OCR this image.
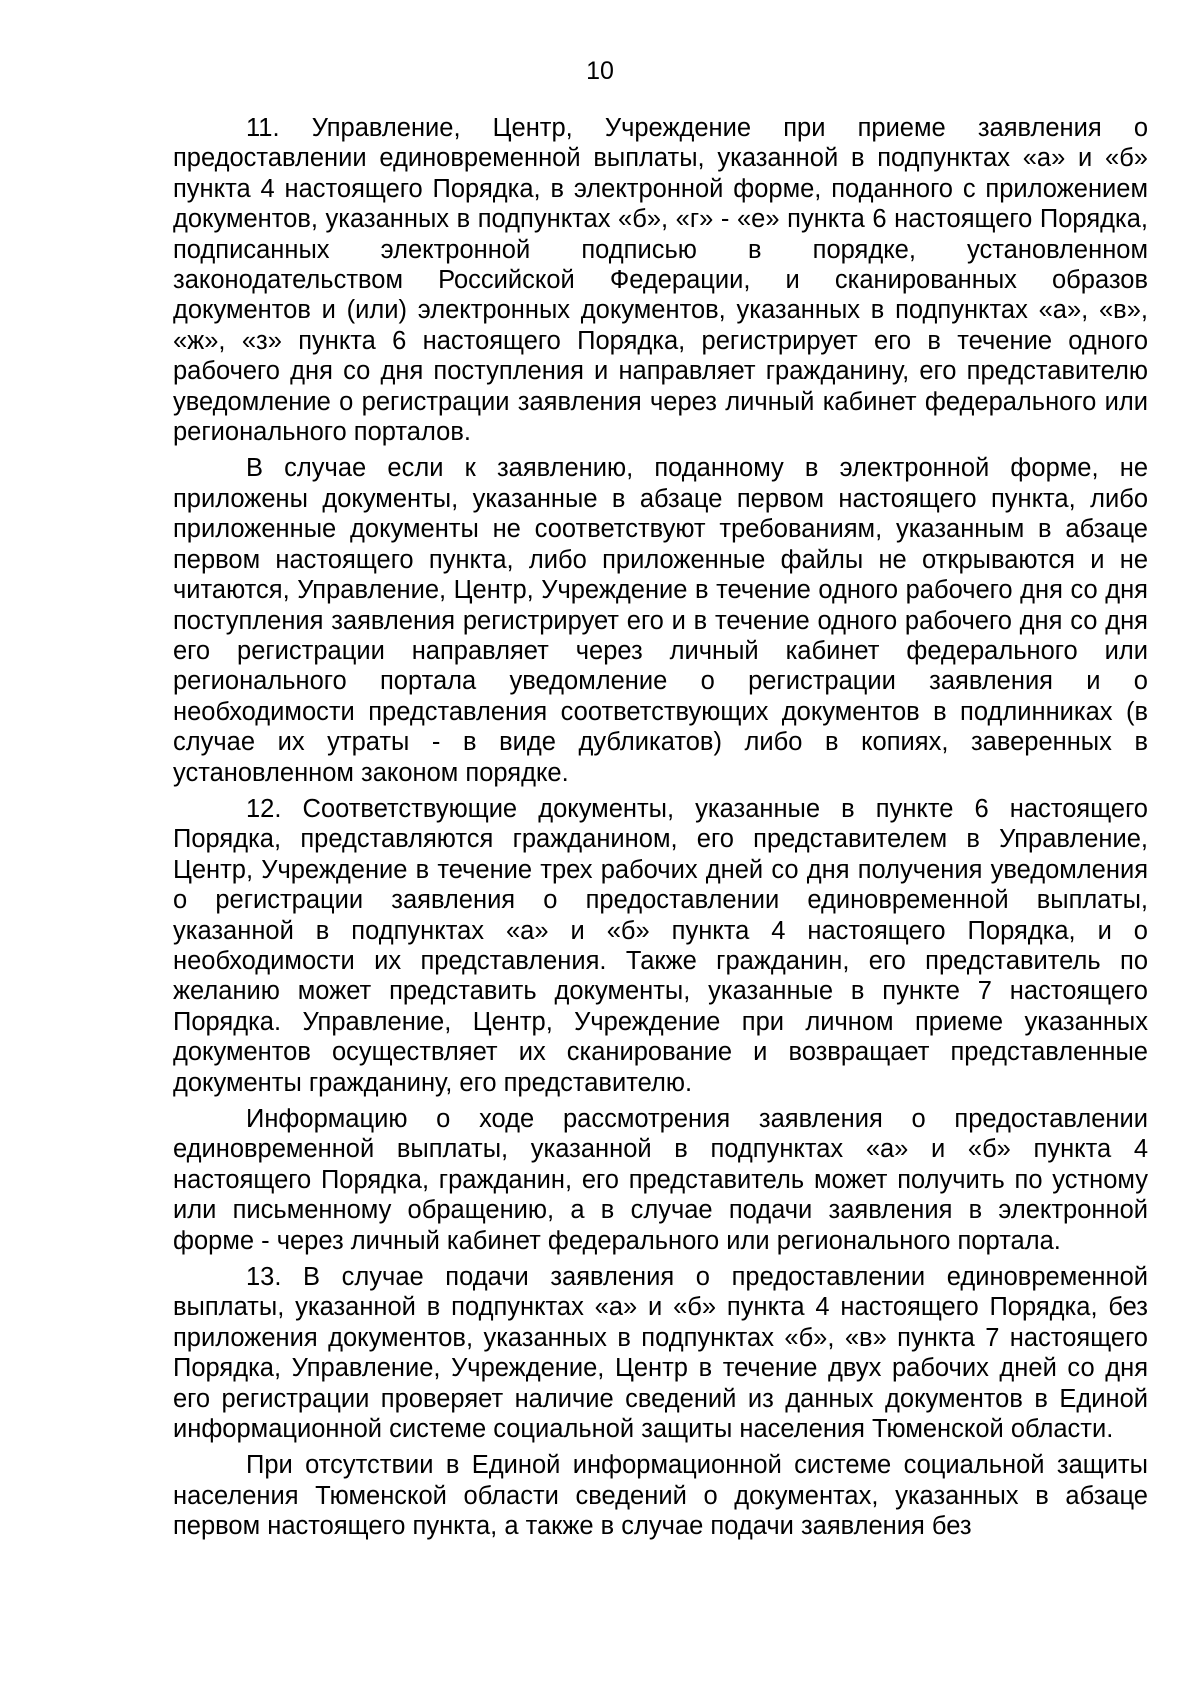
10

11. Управление, Центр, Учреждение при приеме заявления о предоставлении единовременной выплаты, указанной в подпунктах «а» и «б» пункта 4 настоящего Порядка, в электронной форме, поданного с приложением документов, указанных в подпунктах «б», «г» - «е» пункта 6 настоящего Порядка, подписанных электронной подписью в порядке, установленном законодательством Российской Федерации, и сканированных образов документов и (или) электронных документов, указанных в подпунктах «а», «в», «ж», «з» пункта 6 настоящего Порядка, регистрирует его в течение одного рабочего дня со дня поступления и направляет гражданину, его представителю уведомление о регистрации заявления через личный кабинет федерального или регионального порталов.

В случае если к заявлению, поданному в электронной форме, не приложены документы, указанные в абзаце первом настоящего пункта, либо приложенные документы не соответствуют требованиям, указанным в абзаце первом настоящего пункта, либо приложенные файлы не открываются и не читаются, Управление, Центр, Учреждение в течение одного рабочего дня со дня поступления заявления регистрирует его и в течение одного рабочего дня со дня его регистрации направляет через личный кабинет федерального или регионального портала уведомление о регистрации заявления и о необходимости представления соответствующих документов в подлинниках (в случае их утраты - в виде дубликатов) либо в копиях, заверенных в установленном законом порядке.

12. Соответствующие документы, указанные в пункте 6 настоящего Порядка, представляются гражданином, его представителем в Управление, Центр, Учреждение в течение трех рабочих дней со дня получения уведомления о регистрации заявления о предоставлении единовременной выплаты, указанной в подпунктах «а» и «б» пункта 4 настоящего Порядка, и о необходимости их представления. Также гражданин, его представитель по желанию может представить документы, указанные в пункте 7 настоящего Порядка. Управление, Центр, Учреждение при личном приеме указанных документов осуществляет их сканирование и возвращает представленные документы гражданину, его представителю.

Информацию о ходе рассмотрения заявления о предоставлении единовременной выплаты, указанной в подпунктах «а» и «б» пункта 4 настоящего Порядка, гражданин, его представитель может получить по устному или письменному обращению, а в случае подачи заявления в электронной форме - через личный кабинет федерального или регионального портала.

13. В случае подачи заявления о предоставлении единовременной выплаты, указанной в подпунктах «а» и «б» пункта 4 настоящего Порядка, без приложения документов, указанных в подпунктах «б», «в» пункта 7 настоящего Порядка, Управление, Учреждение, Центр в течение двух рабочих дней со дня его регистрации проверяет наличие сведений из данных документов в Единой информационной системе социальной защиты населения Тюменской области.

При отсутствии в Единой информационной системе социальной защиты населения Тюменской области сведений о документах, указанных в абзаце первом настоящего пункта, а также в случае подачи заявления без
